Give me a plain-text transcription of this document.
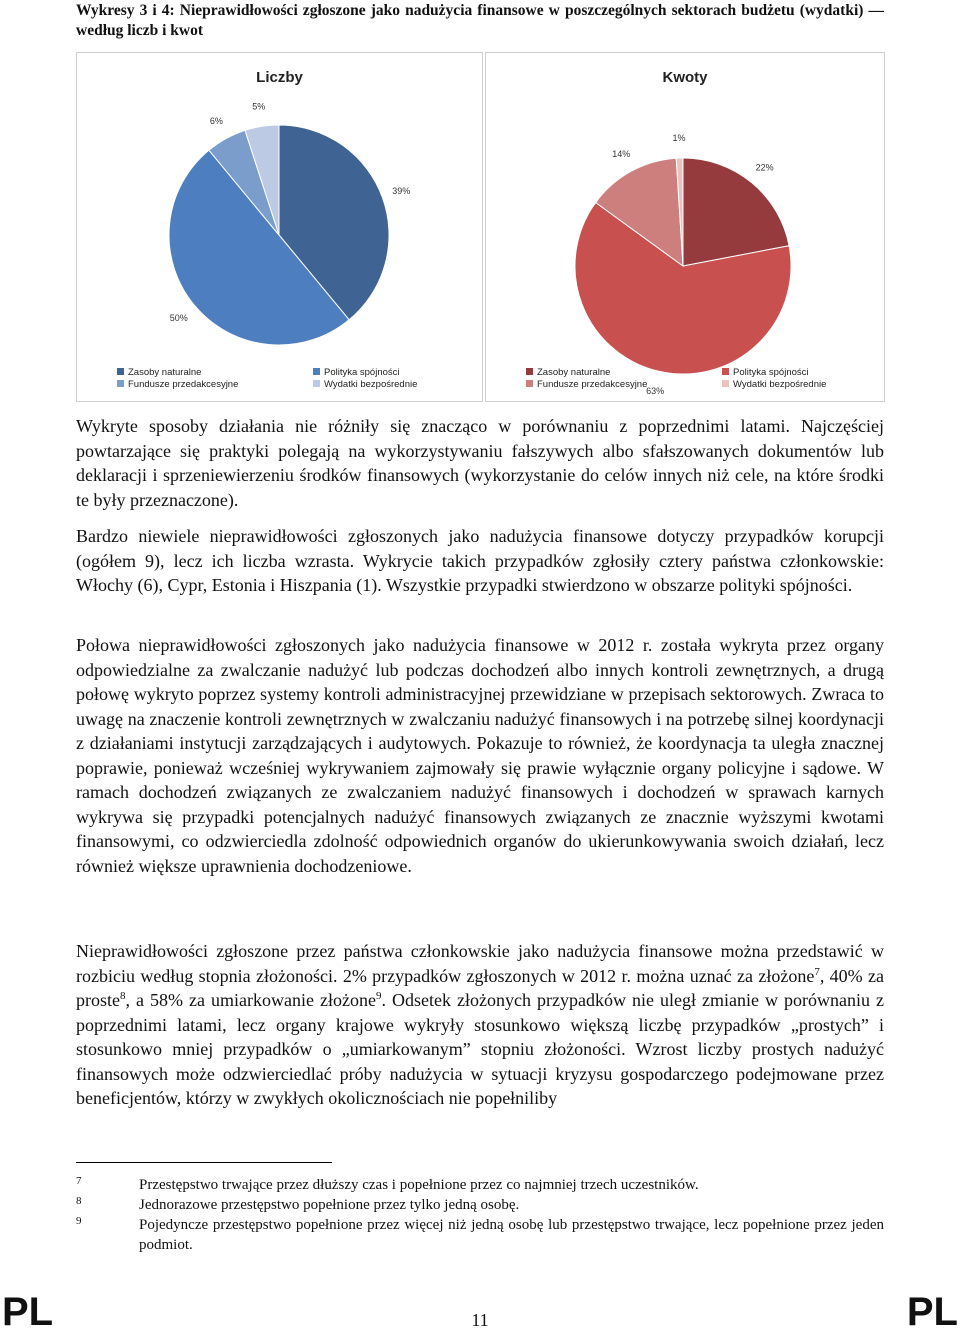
Wykresy 3 i 4: Nieprawidłowości zgłoszone jako nadużycia finansowe w poszczególnych sektorach budżetu (wydatki) — według liczb i kwot
Liczby
39%
50%
6%
5%
Zasoby naturalne	Polityka spójności
Fundusze przedakcesyjne	Wydatki bezpośrednie
Kwoty
22%
63%
14%
1%
Zasoby naturalne	Polityka spójności
Fundusze przedakcesyjne	Wydatki bezpośrednie

Wykryte sposoby działania nie różniły się znacząco w porównaniu z poprzednimi latami. Najczęściej powtarzające się praktyki polegają na wykorzystywaniu fałszywych albo sfałszowanych dokumentów lub deklaracji i sprzeniewierzeniu środków finansowych (wykorzystanie do celów innych niż cele, na które środki te były przeznaczone).

Bardzo niewiele nieprawidłowości zgłoszonych jako nadużycia finansowe dotyczy przypadków korupcji (ogółem 9), lecz ich liczba wzrasta. Wykrycie takich przypadków zgłosiły cztery państwa członkowskie: Włochy (6), Cypr, Estonia i Hiszpania (1). Wszystkie przypadki stwierdzono w obszarze polityki spójności.

Połowa nieprawidłowości zgłoszonych jako nadużycia finansowe w 2012 r. została wykryta przez organy odpowiedzialne za zwalczanie nadużyć lub podczas dochodzeń albo innych kontroli zewnętrznych, a drugą połowę wykryto poprzez systemy kontroli administracyjnej przewidziane w przepisach sektorowych. Zwraca to uwagę na znaczenie kontroli zewnętrznych w zwalczaniu nadużyć finansowych i na potrzebę silnej koordynacji z działaniami instytucji zarządzających i audytowych. Pokazuje to również, że koordynacja ta uległa znacznej poprawie, ponieważ wcześniej wykrywaniem zajmowały się prawie wyłącznie organy policyjne i sądowe. W ramach dochodzeń związanych ze zwalczaniem nadużyć finansowych i dochodzeń w sprawach karnych wykrywa się przypadki potencjalnych nadużyć finansowych związanych ze znacznie wyższymi kwotami finansowymi, co odzwierciedla zdolność odpowiednich organów do ukierunkowywania swoich działań, lecz również większe uprawnienia dochodzeniowe.

Nieprawidłowości zgłoszone przez państwa członkowskie jako nadużycia finansowe można przedstawić w rozbiciu według stopnia złożoności. 2% przypadków zgłoszonych w 2012 r. można uznać za złożone$^7$, 40% za proste$^8$, a 58% za umiarkowanie złożone$^9$. Odsetek złożonych przypadków nie uległ zmianie w porównaniu z poprzednimi latami, lecz organy krajowe wykryły stosunkowo większą liczbę przypadków „prostych” i stosunkowo mniej przypadków o „umiarkowanym” stopniu złożoności. Wzrost liczby prostych nadużyć finansowych może odzwierciedlać próby nadużycia w sytuacji kryzysu gospodarczego podejmowane przez beneficjentów, którzy w zwykłych okolicznościach nie popełniliby

7	Przestępstwo trwające przez dłuższy czas i popełnione przez co najmniej trzech uczestników.
8	Jednorazowe przestępstwo popełnione przez tylko jedną osobę.
9	Pojedyncze przestępstwo popełnione przez więcej niż jedną osobę lub przestępstwo trwające, lecz popełnione przez jeden podmiot.
PL	11	PL
